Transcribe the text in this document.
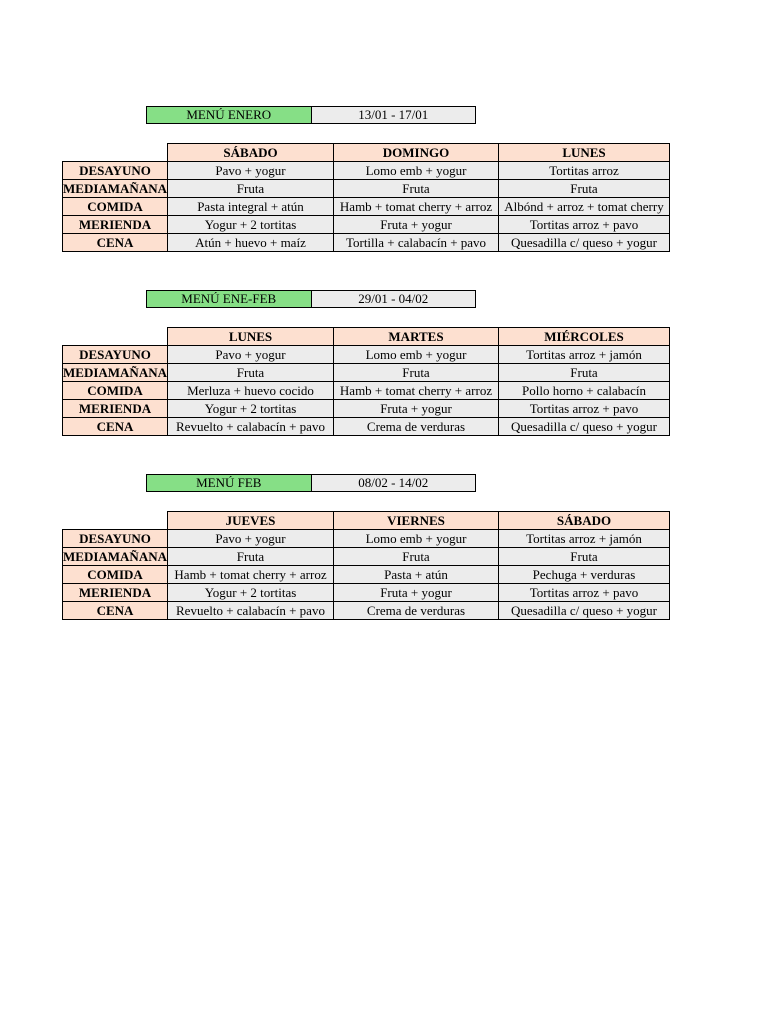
MENÚ ENERO	13/01 - 17/01
	SÁBADO	DOMINGO	LUNES
DESAYUNO	Pavo + yogur	Lomo emb + yogur	Tortitas arroz
MEDIAMAÑANA	Fruta	Fruta	Fruta
COMIDA	Pasta integral + atún	Hamb + tomat cherry + arroz	Albónd + arroz + tomat cherry
MERIENDA	Yogur + 2 tortitas	Fruta + yogur	Tortitas arroz + pavo
CENA	Atún + huevo + maíz	Tortilla + calabacín + pavo	Quesadilla c/ queso + yogur
MENÚ ENE-FEB	29/01 - 04/02
	LUNES	MARTES	MIÉRCOLES
DESAYUNO	Pavo + yogur	Lomo emb + yogur	Tortitas arroz + jamón
MEDIAMAÑANA	Fruta	Fruta	Fruta
COMIDA	Merluza + huevo cocido	Hamb + tomat cherry + arroz	Pollo horno + calabacín
MERIENDA	Yogur + 2 tortitas	Fruta + yogur	Tortitas arroz + pavo
CENA	Revuelto + calabacín + pavo	Crema de verduras	Quesadilla c/ queso + yogur
MENÚ FEB	08/02 - 14/02
	JUEVES	VIERNES	SÁBADO
DESAYUNO	Pavo + yogur	Lomo emb + yogur	Tortitas arroz + jamón
MEDIAMAÑANA	Fruta	Fruta	Fruta
COMIDA	Hamb + tomat cherry + arroz	Pasta + atún	Pechuga + verduras
MERIENDA	Yogur + 2 tortitas	Fruta + yogur	Tortitas arroz + pavo
CENA	Revuelto + calabacín + pavo	Crema de verduras	Quesadilla c/ queso + yogur
